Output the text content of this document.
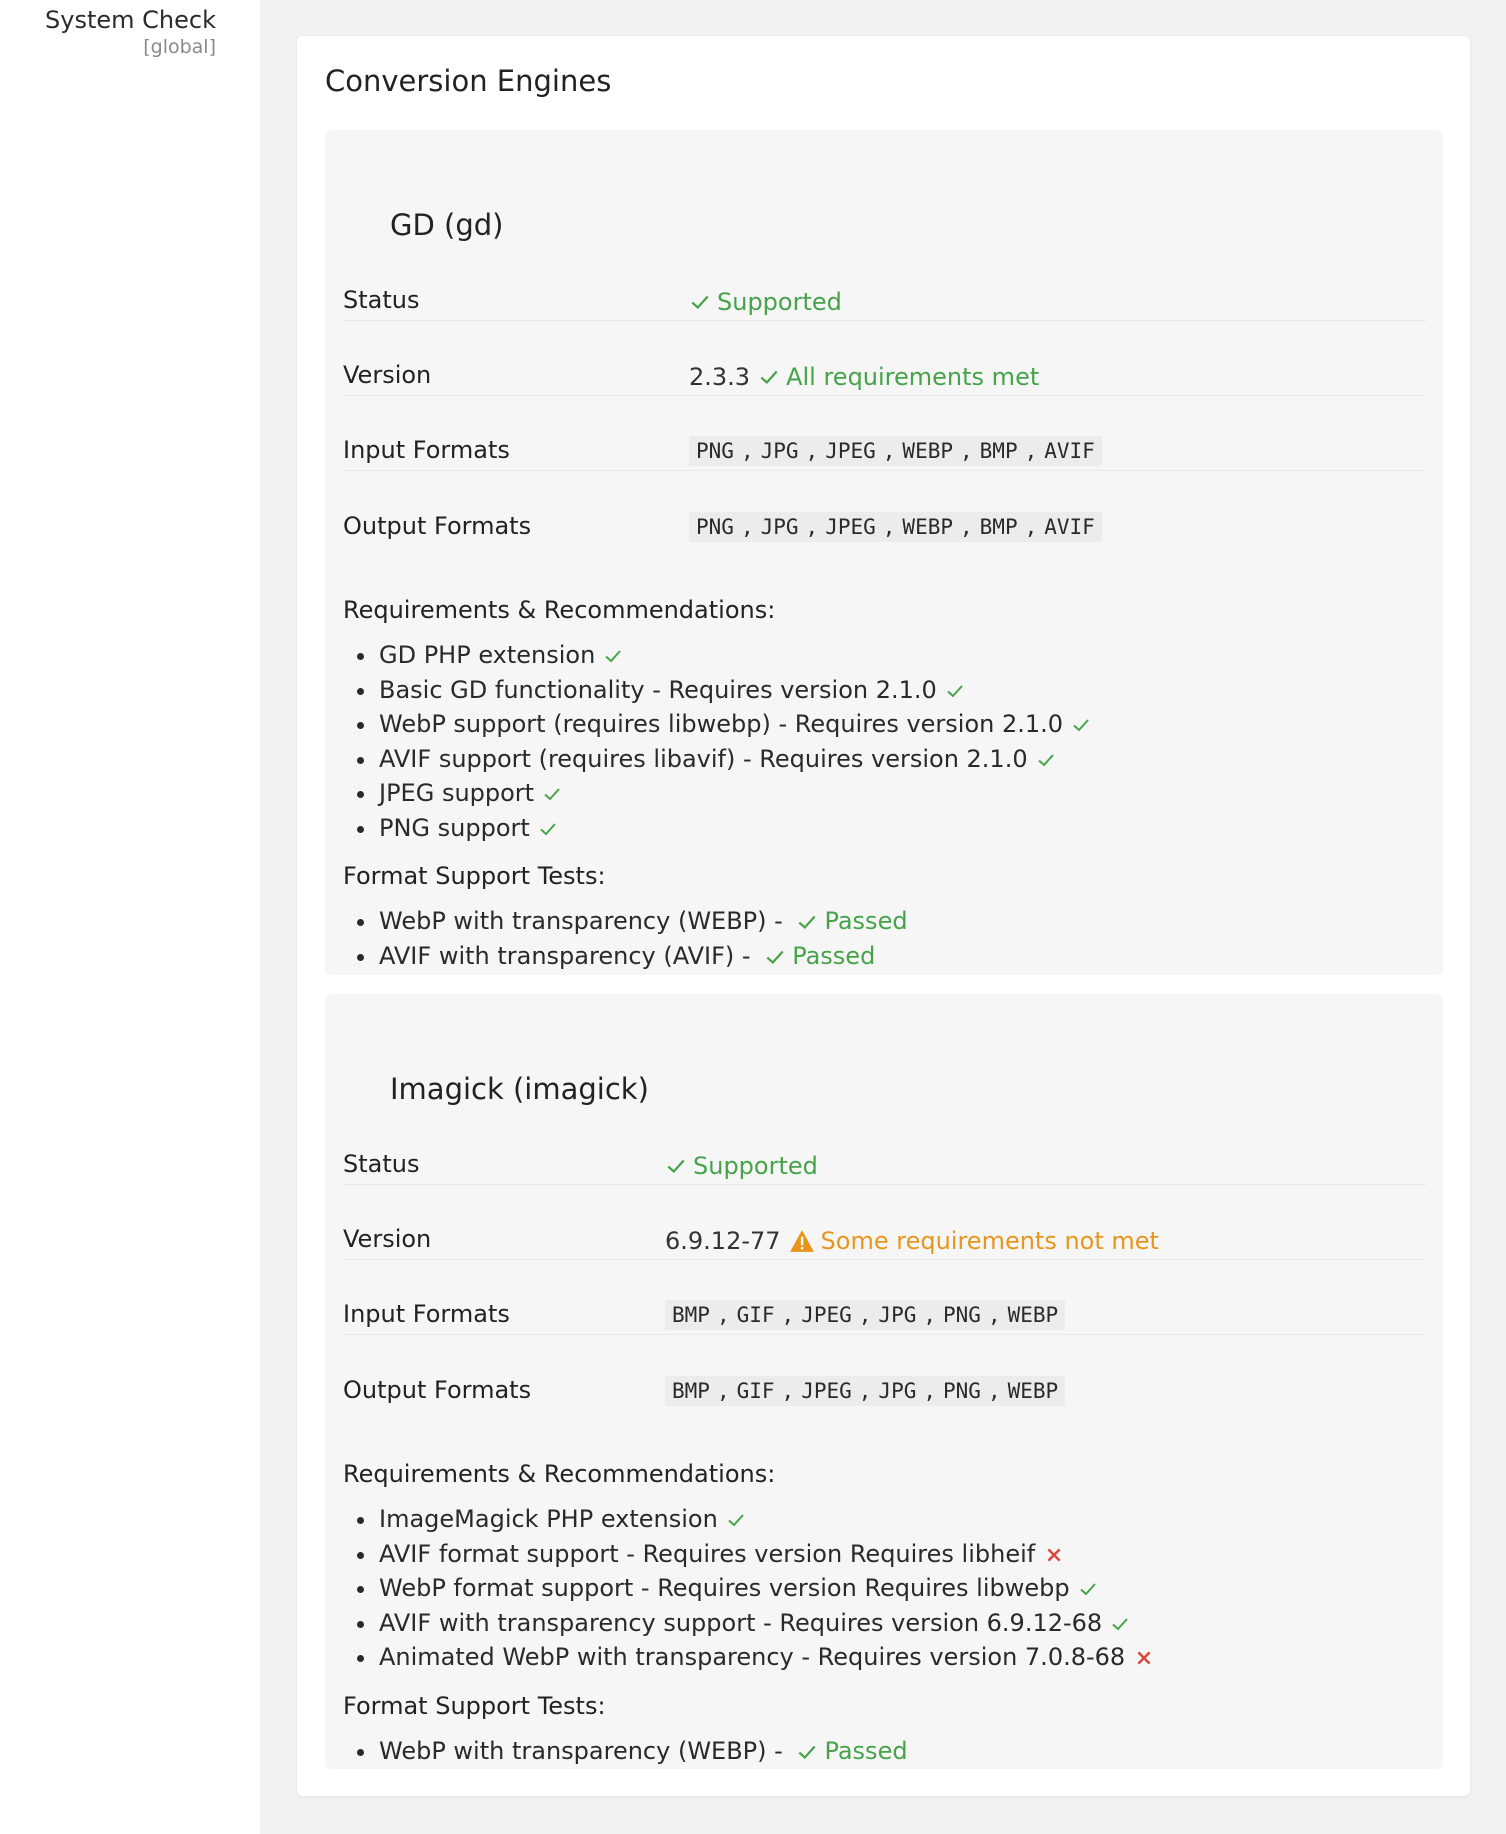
System Check
[global]
Conversion Engines
GD (gd)
Status	Supported
Version	2.3.3 All requirements met
Input Formats	PNG , JPG , JPEG , WEBP , BMP , AVIF
Output Formats	PNG , JPG , JPEG , WEBP , BMP , AVIF
Requirements & Recommendations:
GD PHP extension
Basic GD functionality - Requires version 2.1.0
WebP support (requires libwebp) - Requires version 2.1.0
AVIF support (requires libavif) - Requires version 2.1.0
JPEG support
PNG support
Format Support Tests:
WebP with transparency (WEBP) - Passed
AVIF with transparency (AVIF) - Passed
Imagick (imagick)
Status	Supported
Version	6.9.12-77 Some requirements not met
Input Formats	BMP , GIF , JPEG , JPG , PNG , WEBP
Output Formats	BMP , GIF , JPEG , JPG , PNG , WEBP
Requirements & Recommendations:
ImageMagick PHP extension
AVIF format support - Requires version Requires libheif
WebP format support - Requires version Requires libwebp
AVIF with transparency support - Requires version 6.9.12-68
Animated WebP with transparency - Requires version 7.0.8-68
Format Support Tests:
WebP with transparency (WEBP) - Passed
